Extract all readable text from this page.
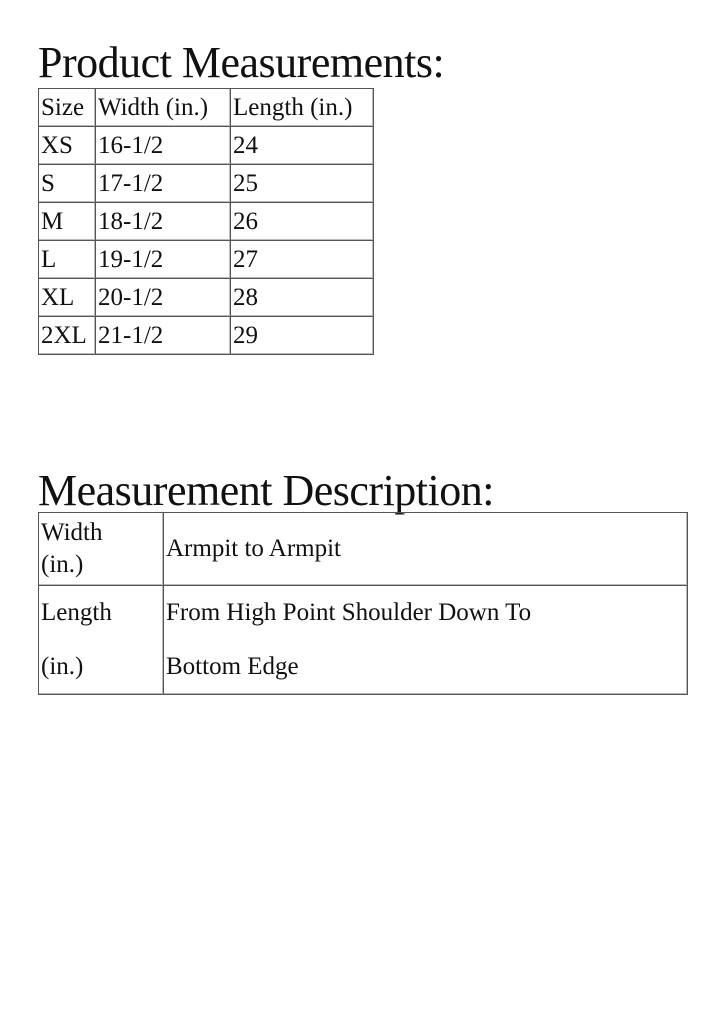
Product Measurements:
Size	Width (in.)	Length (in.)
XS	16-1/2	24
S	17-1/2	25
M	18-1/2	26
L	19-1/2	27
XL	20-1/2	28
2XL	21-1/2	29
Measurement Description:
Width
(in.)	Armpit to Armpit

Length
(in.)	From High Point Shoulder Down To
Bottom Edge
